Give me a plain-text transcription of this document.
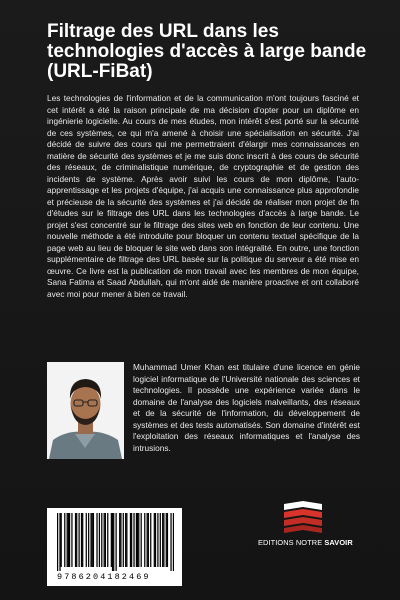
Filtrage des URL dans les technologies d'accès à large bande (URL-FiBat)

Les technologies de l'information et de la communication m'ont toujours fasciné et cet intérêt a été la raison principale de ma décision d'opter pour un diplôme en ingénierie logicielle. Au cours de mes études, mon intérêt s'est porté sur la sécurité de ces systèmes, ce qui m'a amené à choisir une spécialisation en sécurité. J'ai décidé de suivre des cours qui me permettraient d'élargir mes connaissances en matière de sécurité des systèmes et je me suis donc inscrit à des cours de sécurité des réseaux, de criminalistique numérique, de cryptographie et de gestion des incidents de système. Après avoir suivi les cours de mon diplôme, l'auto-apprentissage et les projets d'équipe, j'ai acquis une connaissance plus approfondie et précieuse de la sécurité des systèmes et j'ai décidé de réaliser mon projet de fin d'études sur le filtrage des URL dans les technologies d'accès à large bande. Le projet s'est concentré sur le filtrage des sites web en fonction de leur contenu. Une nouvelle méthode a été introduite pour bloquer un contenu textuel spécifique de la page web au lieu de bloquer le site web dans son intégralité. En outre, une fonction supplémentaire de filtrage des URL basée sur la politique du serveur a été mise en œuvre. Ce livre est la publication de mon travail avec les membres de mon équipe, Sana Fatima et Saad Abdullah, qui m'ont aidé de manière proactive et ont collaboré avec moi pour mener à bien ce travail.

Muhammad Umer Khan est titulaire d'une licence en génie logiciel informatique de l'Université nationale des sciences et technologies. Il possède une expérience variée dans le domaine de l'analyse des logiciels malveillants, des réseaux et de la sécurité de l'information, du développement de systèmes et des tests automatisés. Son domaine d'intérêt est l'exploitation des réseaux informatiques et l'analyse des intrusions.

EDITIONS NOTRE SAVOIR
9786204182469
